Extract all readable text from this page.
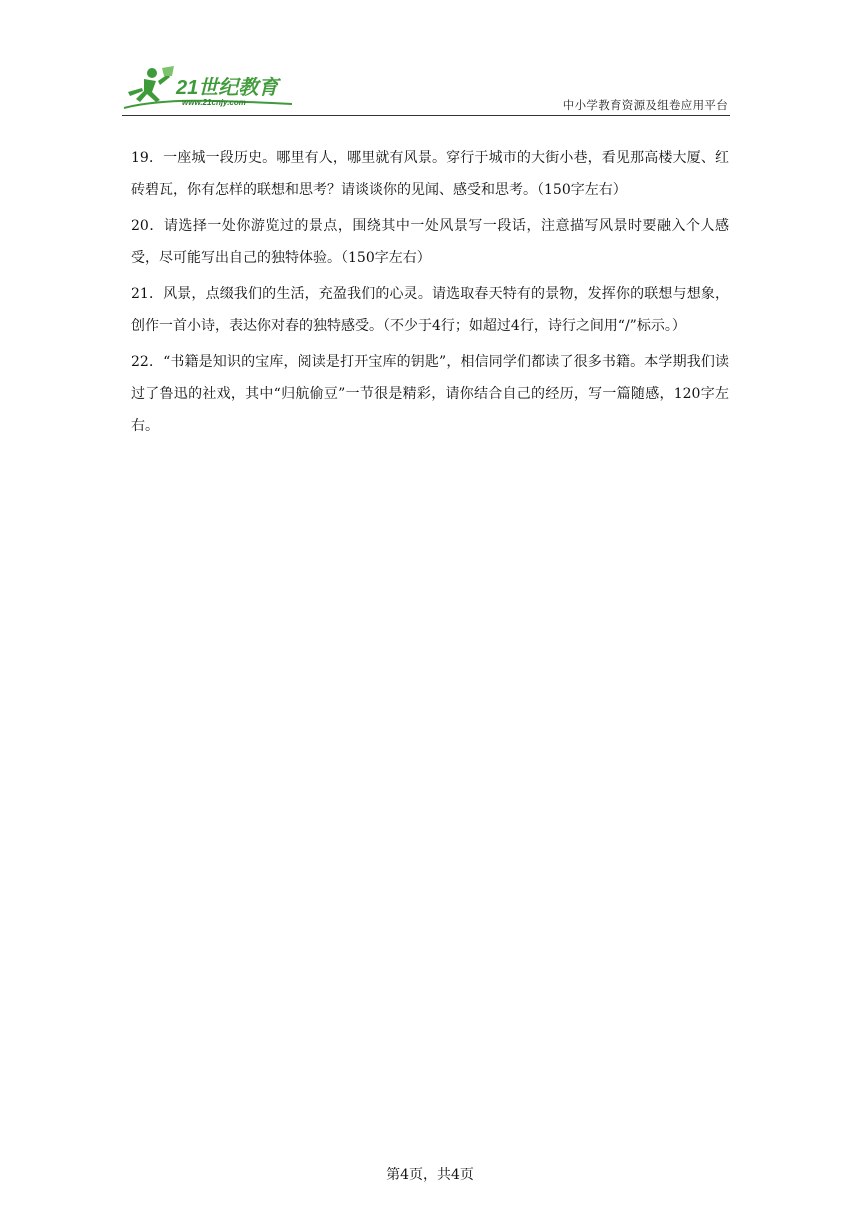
21世纪教育
www.21cnjy.com	中小学教育资源及组卷应用平台

19．一座城一段历史。哪里有人，哪里就有风景。穿行于城市的大街小巷，看见那高楼大厦、红砖碧瓦，你有怎样的联想和思考？请谈谈你的见闻、感受和思考。（150字左右）

20．请选择一处你游览过的景点，围绕其中一处风景写一段话，注意描写风景时要融入个人感受，尽可能写出自己的独特体验。（150字左右）

21．风景，点缀我们的生活，充盈我们的心灵。请选取春天特有的景物，发挥你的联想与想象，创作一首小诗，表达你对春的独特感受。（不少于4行；如超过4行，诗行之间用“/”标示。）

22．“书籍是知识的宝库，阅读是打开宝库的钥匙”，相信同学们都读了很多书籍。本学期我们读过了鲁迅的社戏，其中“归航偷豆”一节很是精彩，请你结合自己的经历，写一篇随感，120字左右。

第4页，共4页
